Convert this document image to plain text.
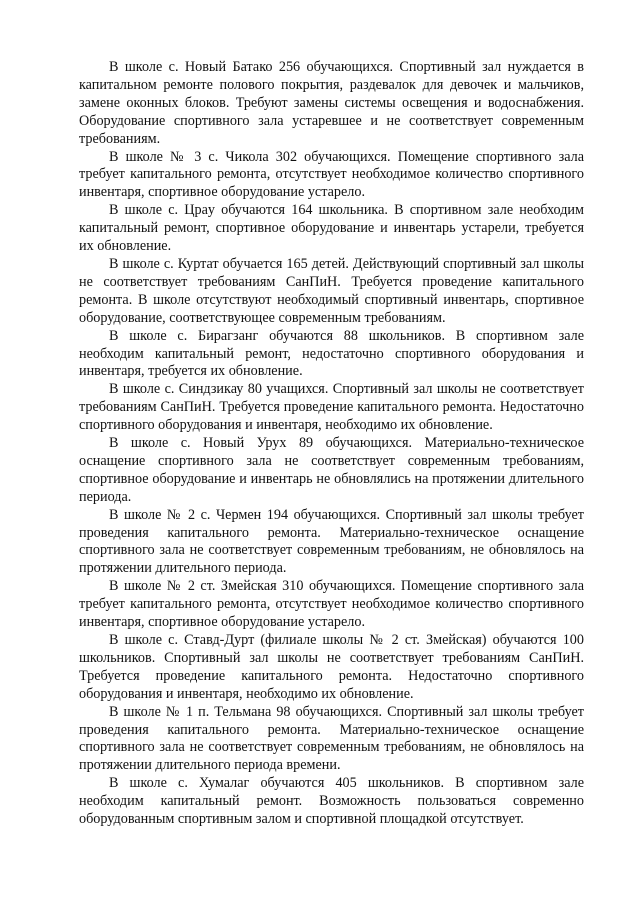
В школе с. Новый Батако 256 обучающихся. Спортивный зал нуждается в капитальном ремонте полового покрытия, раздевалок для девочек и мальчиков, замене оконных блоков. Требуют замены системы освещения и водоснабжения. Оборудование спортивного зала устаревшее и не соответствует современным требованиям.

В школе № 3 с. Чикола 302 обучающихся. Помещение спортивного зала требует капитального ремонта, отсутствует необходимое количество спортивного инвентаря, спортивное оборудование устарело.

В школе с. Цpay обучаются 164 школьника. В спортивном зале необходим капитальный ремонт, спортивное оборудование и инвентарь устарели, требуется их обновление.

В школе с. Куртат обучается 165 детей. Действующий спортивный зал школы не соответствует требованиям СанПиН. Требуется проведение капитального ремонта. В школе отсутствуют необходимый спортивный инвентарь, спортивное оборудование, соответствующее современным требованиям.

В школе с. Бирагзанг обучаются 88 школьников. В спортивном зале необходим капитальный ремонт, недостаточно спортивного оборудования и инвентаря, требуется их обновление.

В школе с. Синдзикау 80 учащихся. Спортивный зал школы не соответствует требованиям СанПиН. Требуется проведение капитального ремонта. Недостаточно спортивного оборудования и инвентаря, необходимо их обновление.

В школе с. Новый Урух 89 обучающихся. Материально-техническое оснащение спортивного зала не соответствует современным требованиям, спортивное оборудование и инвентарь не обновлялись на протяжении длительного периода.

В школе № 2 с. Чермен 194 обучающихся. Спортивный зал школы требует проведения капитального ремонта. Материально-техническое оснащение спортивного зала не соответствует современным требованиям, не обновлялось на протяжении длительного периода.

В школе № 2 ст. Змейская 310 обучающихся. Помещение спортивного зала требует капитального ремонта, отсутствует необходимое количество спортивного инвентаря, спортивное оборудование устарело.

В школе с. Ставд-Дурт (филиале школы № 2 ст. Змейская) обучаются 100 школьников. Спортивный зал школы не соответствует требованиям СанПиН. Требуется проведение капитального ремонта. Недостаточно спортивного оборудования и инвентаря, необходимо их обновление.

В школе № 1 п. Тельмана 98 обучающихся. Спортивный зал школы требует проведения капитального ремонта. Материально-техническое оснащение спортивного зала не соответствует современным требованиям, не обновлялось на протяжении длительного периода времени.

В школе с. Хумалаг обучаются 405 школьников. В спортивном зале необходим капитальный ремонт. Возможность пользоваться современно оборудованным спортивным залом и спортивной площадкой отсутствует.
